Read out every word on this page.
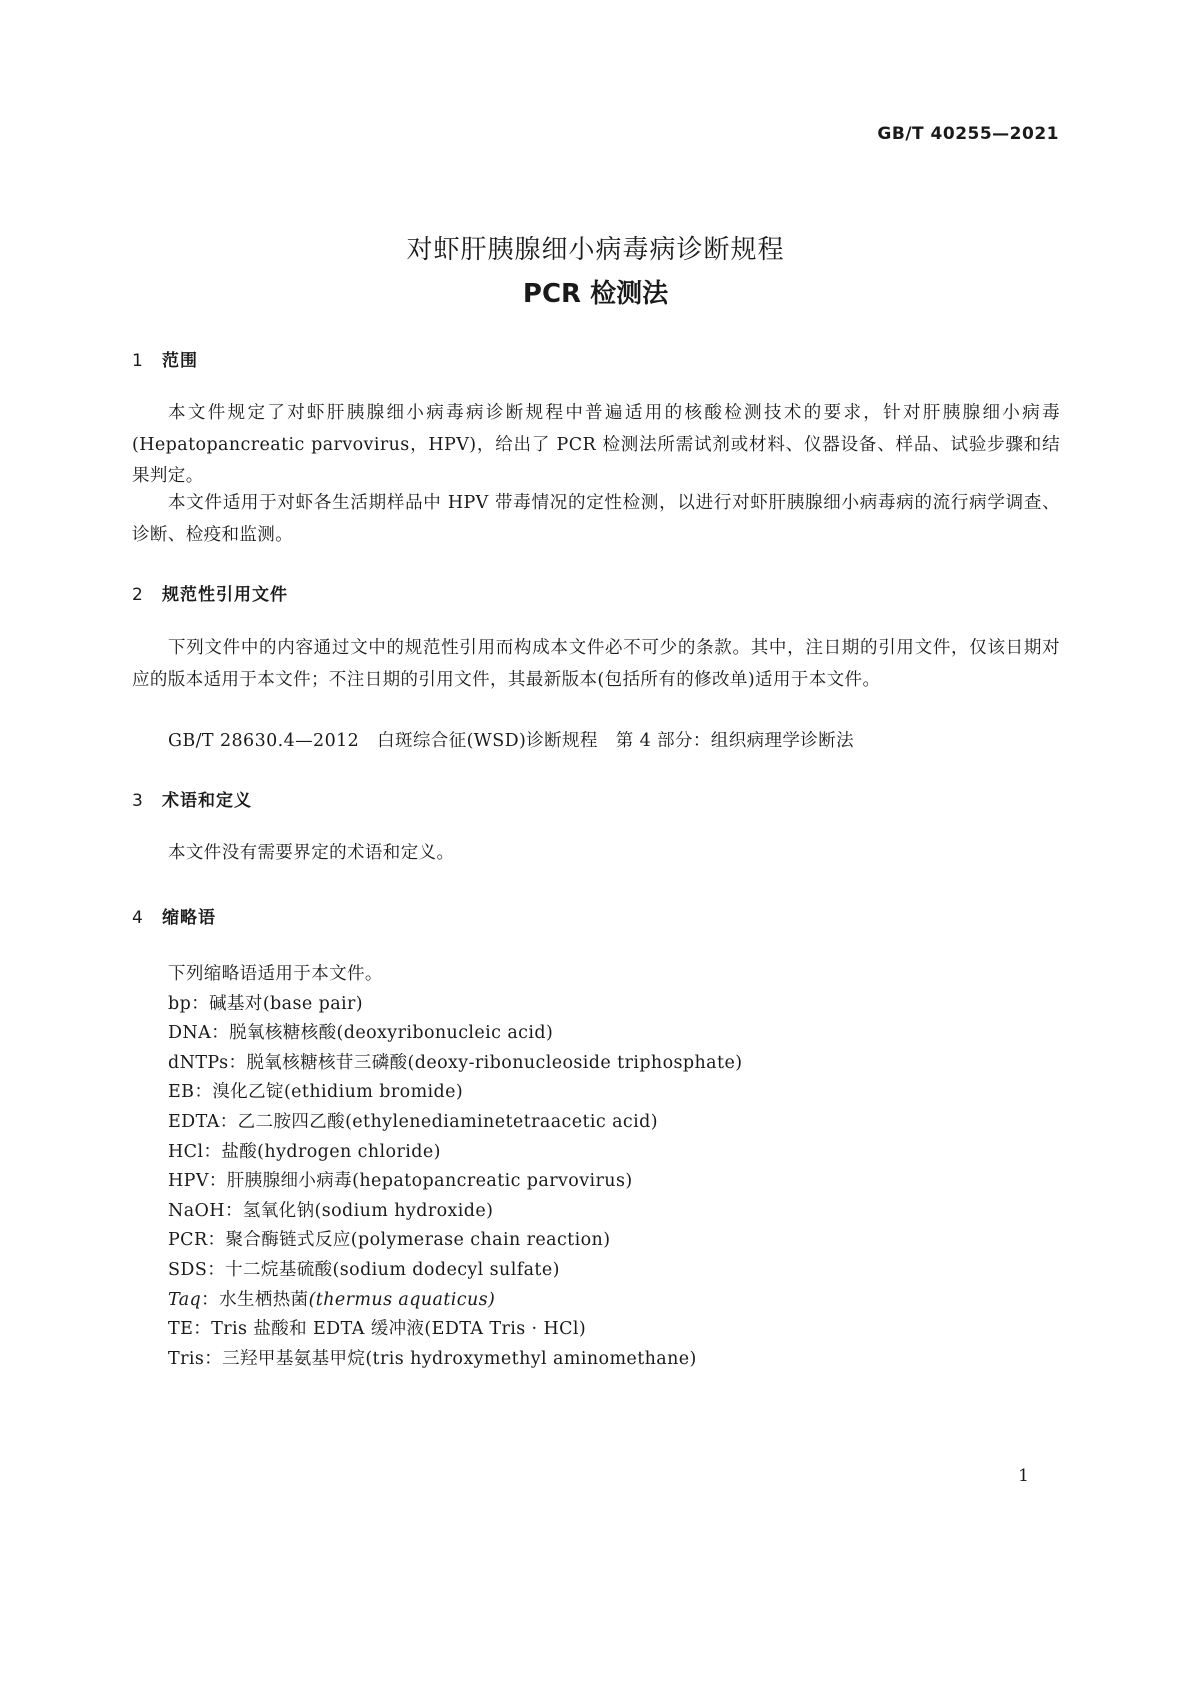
GB/T 40255—2021
对虾肝胰腺细小病毒病诊断规程
PCR 检测法
1 范围

本文件规定了对虾肝胰腺细小病毒病诊断规程中普遍适用的核酸检测技术的要求，针对肝胰腺细小病毒(Hepatopancreatic parvovirus，HPV)，给出了 PCR 检测法所需试剂或材料、仪器设备、样品、试验步骤和结果判定。

本文件适用于对虾各生活期样品中 HPV 带毒情况的定性检测，以进行对虾肝胰腺细小病毒病的流行病学调查、诊断、检疫和监测。

2 规范性引用文件

下列文件中的内容通过文中的规范性引用而构成本文件必不可少的条款。其中，注日期的引用文件，仅该日期对应的版本适用于本文件；不注日期的引用文件，其最新版本(包括所有的修改单)适用于本文件。

GB/T 28630.4—2012　白斑综合征(WSD)诊断规程　第 4 部分：组织病理学诊断法
3 术语和定义

本文件没有需要界定的术语和定义。

4 缩略语
下列缩略语适用于本文件。
bp：碱基对(base pair)
DNA：脱氧核糖核酸(deoxyribonucleic acid)
dNTPs：脱氧核糖核苷三磷酸(deoxy-ribonucleoside triphosphate)
EB：溴化乙锭(ethidium bromide)
EDTA：乙二胺四乙酸(ethylenediaminetetraacetic acid)
HCl：盐酸(hydrogen chloride)
HPV：肝胰腺细小病毒(hepatopancreatic parvovirus)
NaOH：氢氧化钠(sodium hydroxide)
PCR：聚合酶链式反应(polymerase chain reaction)
SDS：十二烷基硫酸(sodium dodecyl sulfate)
Taq：水生栖热菌(thermus aquaticus)
TE：Tris 盐酸和 EDTA 缓冲液(EDTA Tris · HCl)
Tris：三羟甲基氨基甲烷(tris hydroxymethyl aminomethane)
1
